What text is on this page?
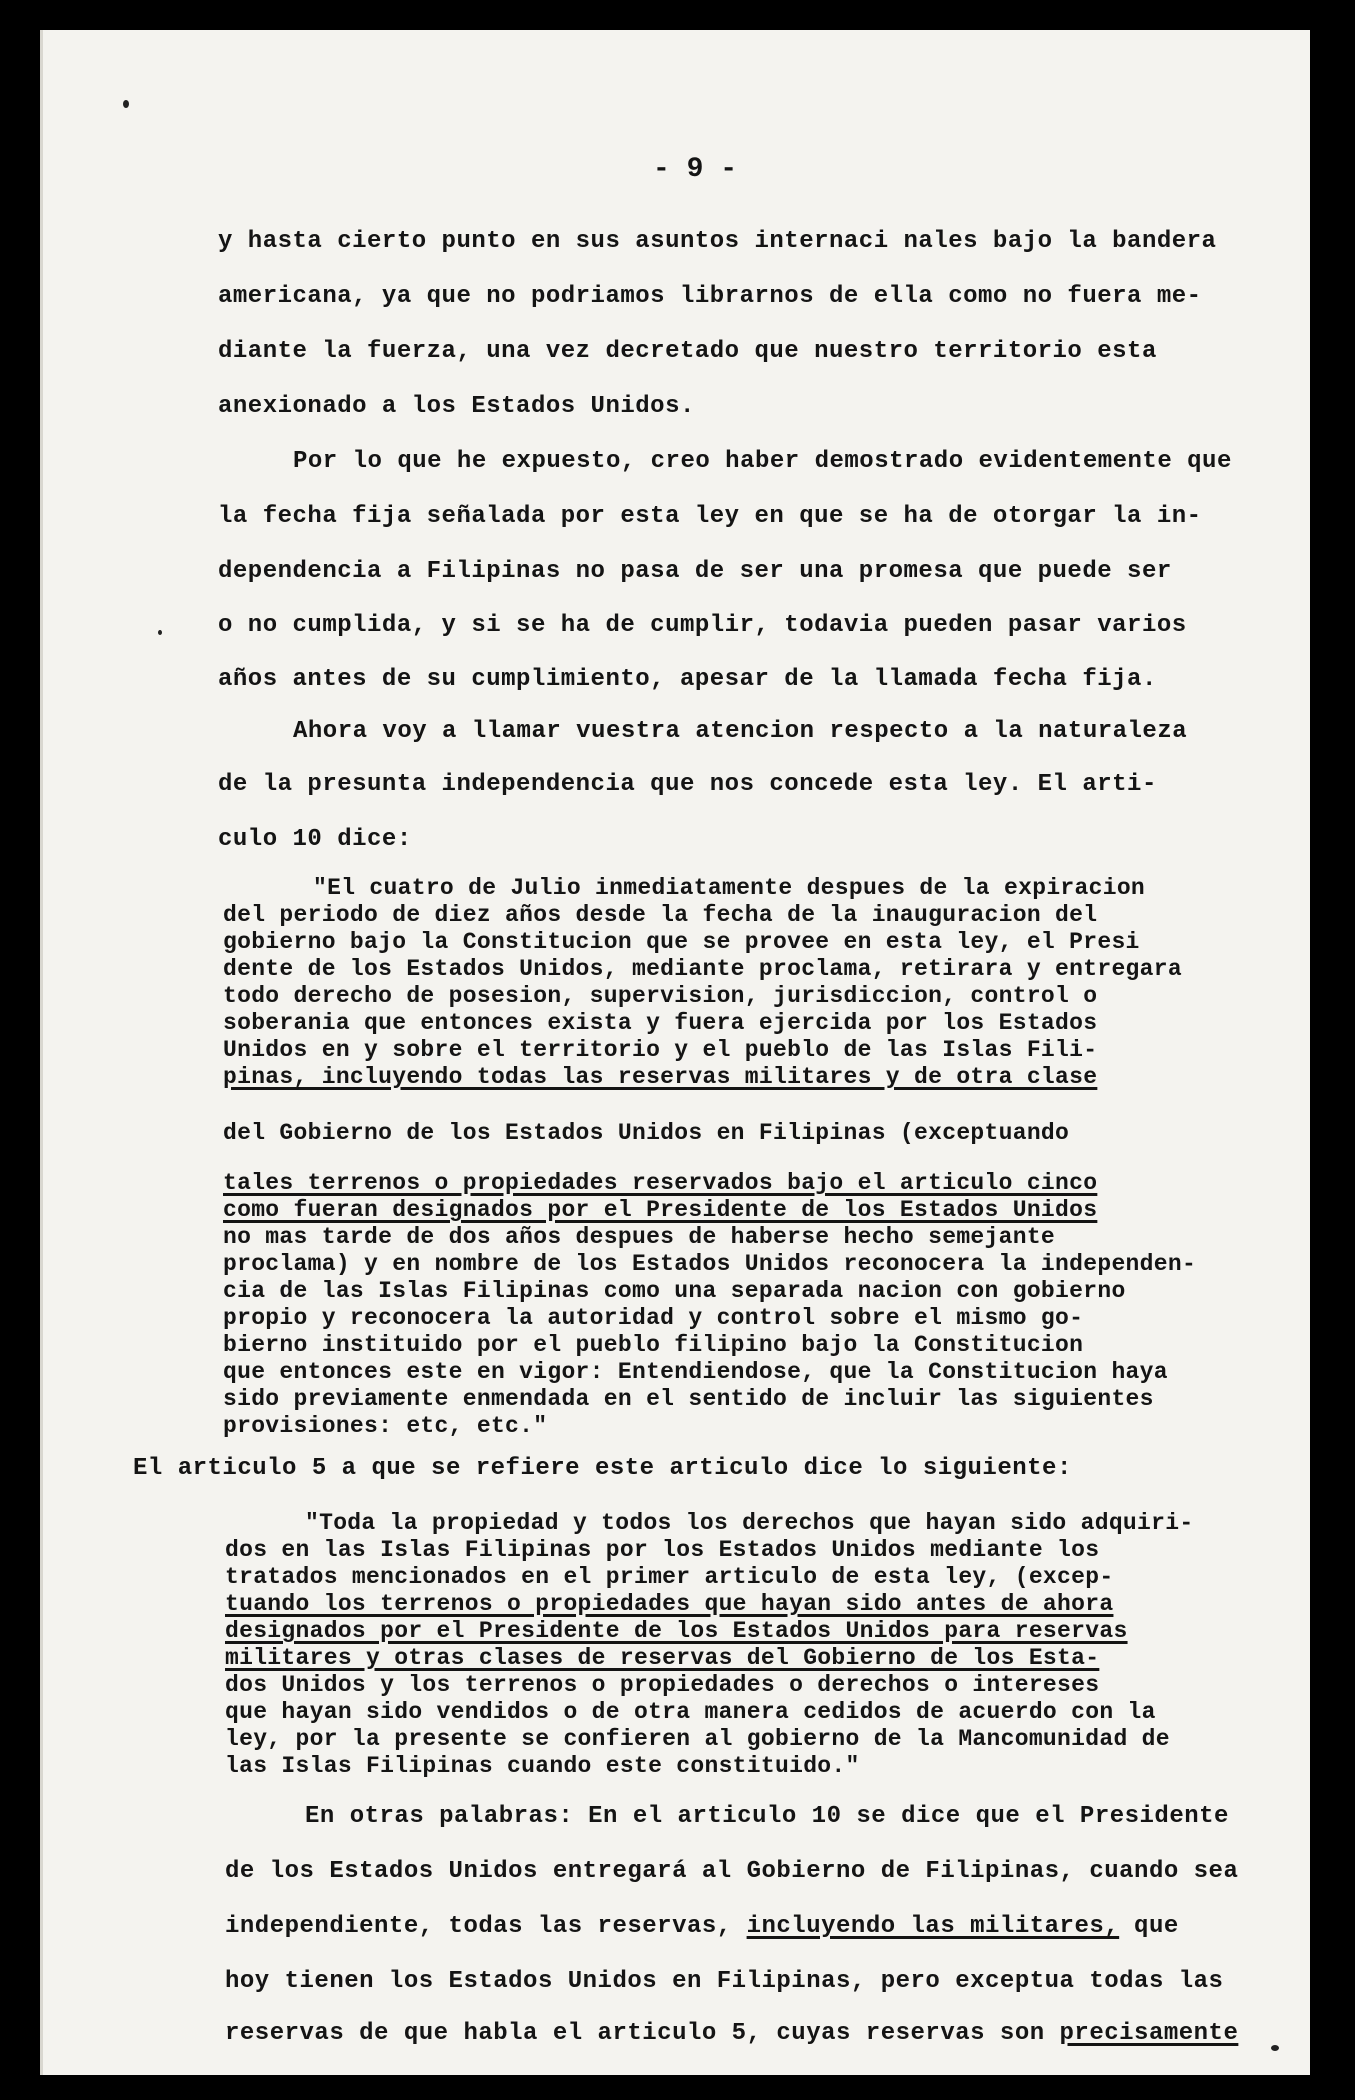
- 9 -
y hasta cierto punto en sus asuntos internaci nales bajo la bandera
americana, ya que no podriamos librarnos de ella como no fuera me-
diante la fuerza, una vez decretado que nuestro territorio esta
anexionado a los Estados Unidos.
Por lo que he expuesto, creo haber demostrado evidentemente que
la fecha fija señalada por esta ley en que se ha de otorgar la in-
dependencia a Filipinas no pasa de ser una promesa que puede ser
o no cumplida, y si se ha de cumplir, todavia pueden pasar varios
años antes de su cumplimiento, apesar de la llamada fecha fija.
Ahora voy a llamar vuestra atencion respecto a la naturaleza
de la presunta independencia que nos concede esta ley. El arti-
culo 10 dice:
"El cuatro de Julio inmediatamente despues de la expiracion
del periodo de diez años desde la fecha de la inauguracion del
gobierno bajo la Constitucion que se provee en esta ley, el Presi
dente de los Estados Unidos, mediante proclama, retirara y entregara
todo derecho de posesion, supervision, jurisdiccion, control o
soberania que entonces exista y fuera ejercida por los Estados
Unidos en y sobre el territorio y el pueblo de las Islas Fili-
pinas, incluyendo todas las reservas militares y de otra clase
del Gobierno de los Estados Unidos en Filipinas (exceptuando
tales terrenos o propiedades reservados bajo el articulo cinco
como fueran designados por el Presidente de los Estados Unidos
no mas tarde de dos años despues de haberse hecho semejante
proclama) y en nombre de los Estados Unidos reconocera la independen-
cia de las Islas Filipinas como una separada nacion con gobierno
propio y reconocera la autoridad y control sobre el mismo go-
bierno instituido por el pueblo filipino bajo la Constitucion
que entonces este en vigor: Entendiendose, que la Constitucion haya
sido previamente enmendada en el sentido de incluir las siguientes
provisiones: etc, etc."
El articulo 5 a que se refiere este articulo dice lo siguiente:
"Toda la propiedad y todos los derechos que hayan sido adquiri-
dos en las Islas Filipinas por los Estados Unidos mediante los
tratados mencionados en el primer articulo de esta ley, (excep-
tuando los terrenos o propiedades que hayan sido antes de ahora
designados por el Presidente de los Estados Unidos para reservas
militares y otras clases de reservas del Gobierno de los Esta-
dos Unidos y los terrenos o propiedades o derechos o intereses
que hayan sido vendidos o de otra manera cedidos de acuerdo con la
ley, por la presente se confieren al gobierno de la Mancomunidad de
las Islas Filipinas cuando este constituido."
En otras palabras: En el articulo 10 se dice que el Presidente
de los Estados Unidos entregará al Gobierno de Filipinas, cuando sea
independiente, todas las reservas, incluyendo las militares, que
hoy tienen los Estados Unidos en Filipinas, pero exceptua todas las
reservas de que habla el articulo 5, cuyas reservas son precisamente
